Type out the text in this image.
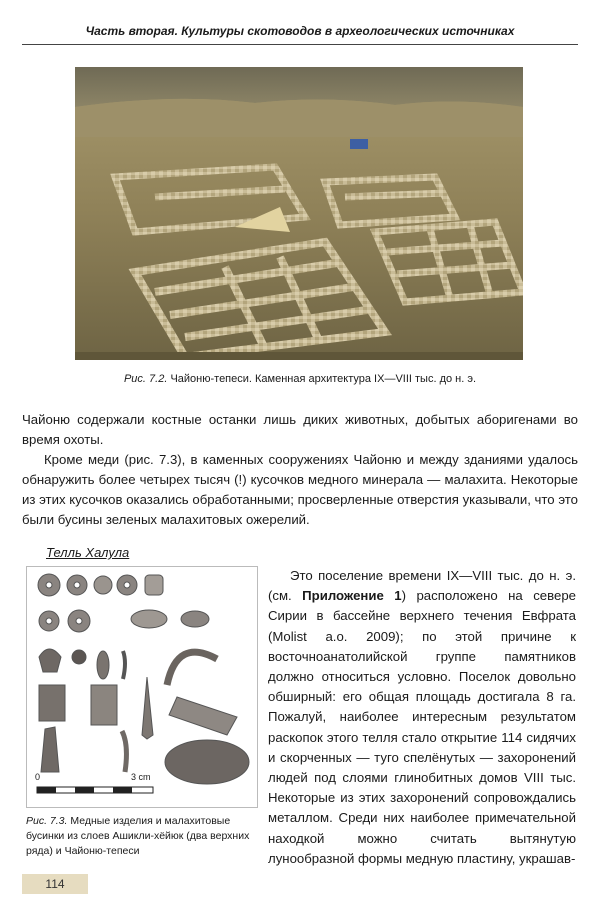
Часть вторая. Культуры скотоводов в археологических источниках
Рис. 7.2. Чайоню-тепеси. Каменная архитектура IX—VIII тыс. до н. э.
Чайоню содержали костные останки лишь диких животных, добытых аборигенами во время охоты.
Кроме меди (рис. 7.3), в каменных сооружениях Чайоню и между зданиями удалось обнаружить более четырех тысяч (!) кусочков медного минерала — малахита. Некоторые из этих кусочков оказались обработанными; просверленные отверстия указывали, что это были бусины зеленых малахитовых ожерелий.
Телль Халула
0	3 cm
Рис. 7.3. Медные изделия и малахитовые бусинки из слоев Ашикли-хёйюк (два верхних ряда) и Чайоню-тепеси
Это поселение времени IX—VIII тыс. до н. э. (см. Приложение 1) расположено на севере Сирии в бассейне верхнего течения Евфрата (Molist a.o. 2009); по этой причине к восточноанатолийской группе памятников должно относиться условно. Поселок довольно обширный: его общая площадь достигала 8 га. Пожалуй, наиболее интересным результатом раскопок этого телля стало открытие 114 сидячих и скорченных — туго спелёнутых — захоронений людей под слоями глинобитных домов VIII тыс. Некоторые из этих захоронений сопровождались металлом. Среди них наиболее примечательной находкой можно считать вытянутую лунообразной формы медную пластину, украшав-
114
